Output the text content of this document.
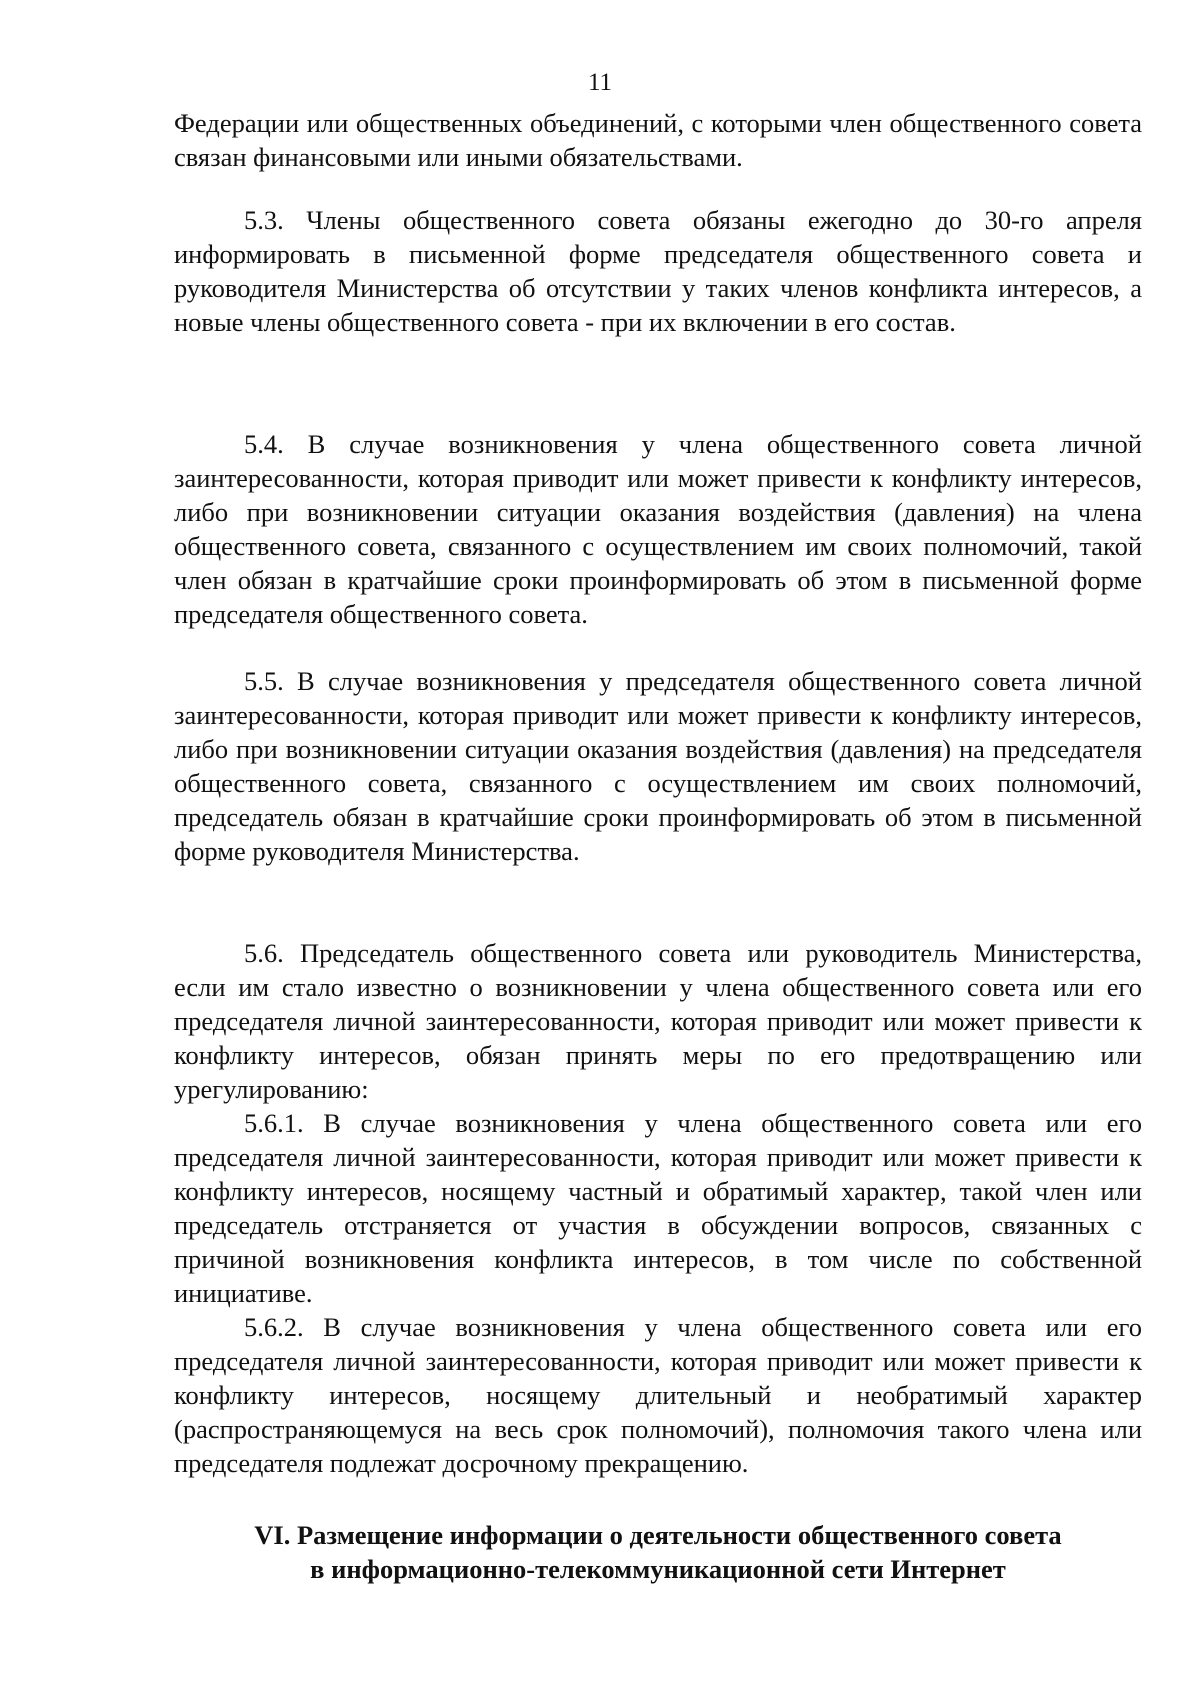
11

Федерации или общественных объединений, с которыми член общественного совета связан финансовыми или иными обязательствами.

5.3. Члены общественного совета обязаны ежегодно до 30-го апреля информировать в письменной форме председателя общественного совета и руководителя Министерства об отсутствии у таких членов конфликта интересов, а новые члены общественного совета - при их включении в его состав.

5.4. В случае возникновения у члена общественного совета личной заинтересованности, которая приводит или может привести к конфликту интересов, либо при возникновении ситуации оказания воздействия (давления) на члена общественного совета, связанного с осуществлением им своих полномочий, такой член обязан в кратчайшие сроки проинформировать об этом в письменной форме председателя общественного совета.

5.5. В случае возникновения у председателя общественного совета личной заинтересованности, которая приводит или может привести к конфликту интересов, либо при возникновении ситуации оказания воздействия (давления) на председателя общественного совета, связанного с осуществлением им своих полномочий, председатель обязан в кратчайшие сроки проинформировать об этом в письменной форме руководителя Министерства.

5.6. Председатель общественного совета или руководитель Министерства, если им стало известно о возникновении у члена общественного совета или его председателя личной заинтересованности, которая приводит или может привести к конфликту интересов, обязан принять меры по его предотвращению или урегулированию:

5.6.1. В случае возникновения у члена общественного совета или его председателя личной заинтересованности, которая приводит или может привести к конфликту интересов, носящему частный и обратимый характер, такой член или председатель отстраняется от участия в обсуждении вопросов, связанных с причиной возникновения конфликта интересов, в том числе по собственной инициативе.

5.6.2. В случае возникновения у члена общественного совета или его председателя личной заинтересованности, которая приводит или может привести к конфликту интересов, носящему длительный и необратимый характер (распространяющемуся на весь срок полномочий), полномочия такого члена или председателя подлежат досрочному прекращению.

VI. Размещение информации о деятельности общественного совета
в информационно-телекоммуникационной сети Интернет
